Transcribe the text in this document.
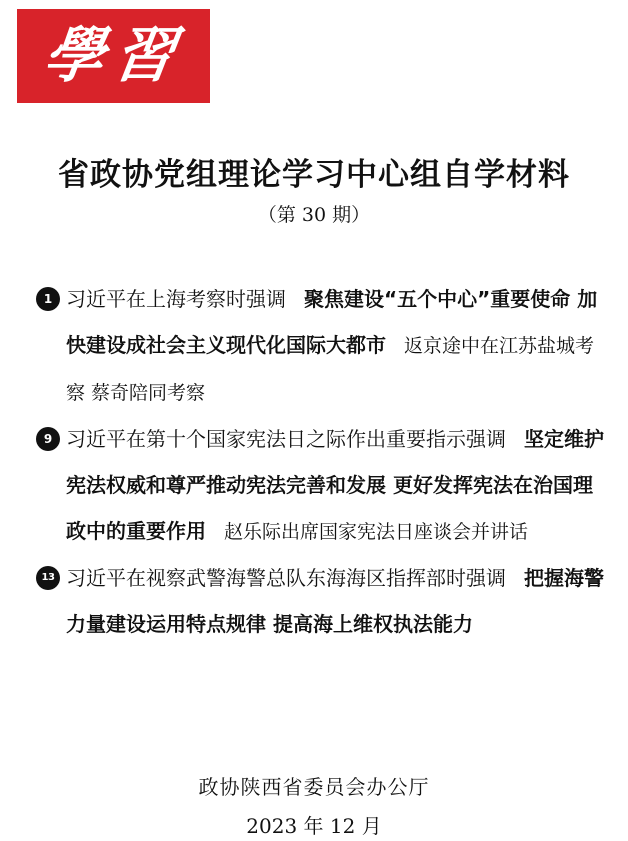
學習
省政协党组理论学习中心组自学材料
（第 30 期）
1 习近平在上海考察时强调 聚焦建设“五个中心”重要使命 加快建设成社会主义现代化国际大都市 返京途中在江苏盐城考察 蔡奇陪同考察
9 习近平在第十个国家宪法日之际作出重要指示强调 坚定维护宪法权威和尊严推动宪法完善和发展 更好发挥宪法在治国理政中的重要作用 赵乐际出席国家宪法日座谈会并讲话
13 习近平在视察武警海警总队东海海区指挥部时强调 把握海警力量建设运用特点规律 提高海上维权执法能力
政协陕西省委员会办公厅
2023 年 12 月
